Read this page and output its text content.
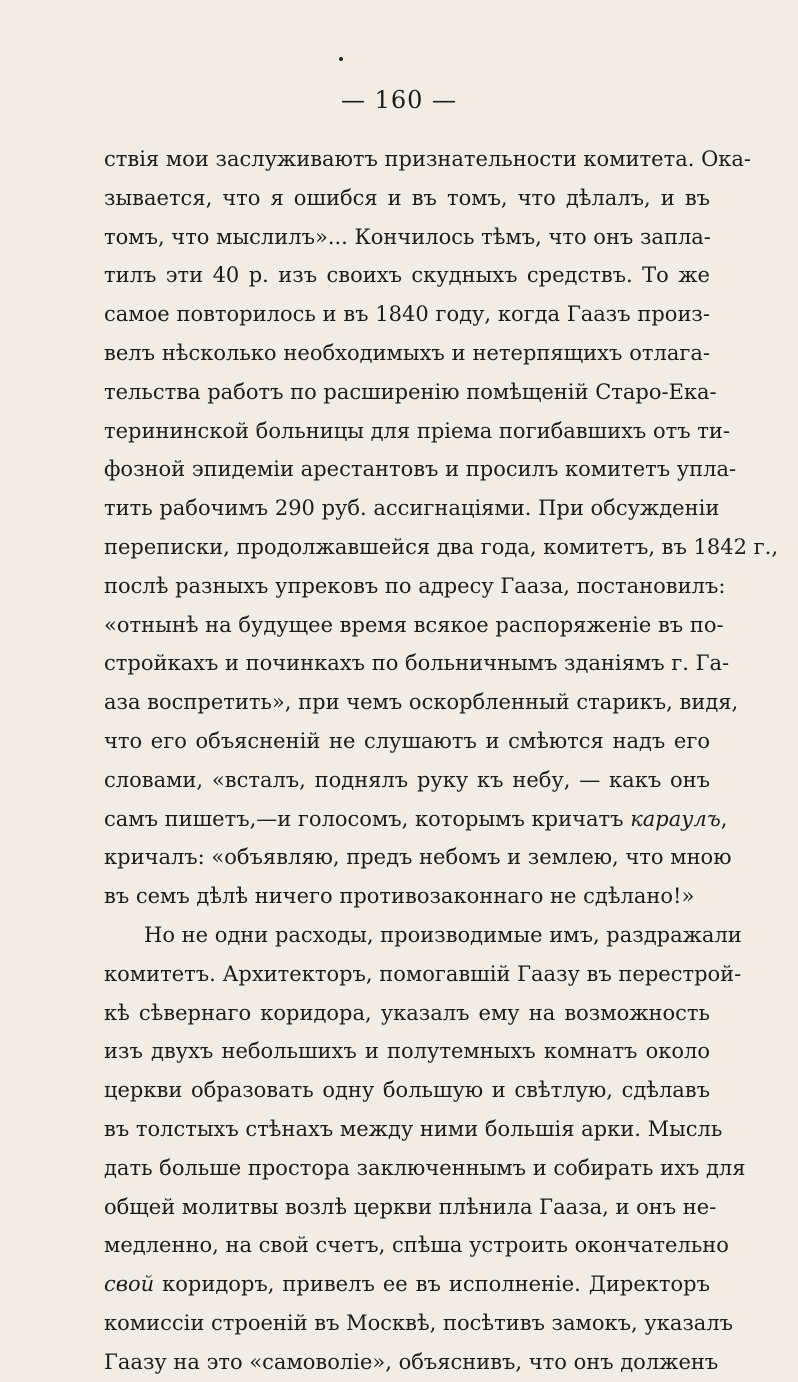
— 160 —
ствія мои заслуживаютъ признательности комитета. Ока-
зывается, что я ошибся и въ томъ, что дѣлалъ, и въ
томъ, что мыслилъ»... Кончилось тѣмъ, что онъ запла-
тилъ эти 40 р. изъ своихъ скудныхъ средствъ. То же
самое повторилось и въ 1840 году, когда Гаазъ произ-
велъ нѣсколько необходимыхъ и нетерпящихъ отлага-
тельства работъ по расширенію помѣщеній Старо-Ека-
терининской больницы для пріема погибавшихъ отъ ти-
фозной эпидеміи арестантовъ и просилъ комитетъ упла-
тить рабочимъ 290 руб. ассигнаціями. При обсужденіи
переписки, продолжавшейся два года, комитетъ, въ 1842 г.,
послѣ разныхъ упрековъ по адресу Гааза, постановилъ:
«отнынѣ на будущее время всякое распоряженіе въ по-
стройкахъ и починкахъ по больничнымъ зданіямъ г. Га-
аза воспретить», при чемъ оскорбленный старикъ, видя,
что его объясненій не слушаютъ и смѣются надъ его
словами, «всталъ, поднялъ руку къ небу, — какъ онъ
самъ пишетъ,—и голосомъ, которымъ кричатъ караулъ,
кричалъ: «объявляю, предъ небомъ и землею, что мною
въ семъ дѣлѣ ничего противозаконнаго не сдѣлано!»
Но не одни расходы, производимые имъ, раздражали
комитетъ. Архитекторъ, помогавшій Гаазу въ перестрой-
кѣ сѣвернаго коридора, указалъ ему на возможность
изъ двухъ небольшихъ и полутемныхъ комнатъ около
церкви образовать одну большую и свѣтлую, сдѣлавъ
въ толстыхъ стѣнахъ между ними большія арки. Мысль
дать больше простора заключеннымъ и собирать ихъ для
общей молитвы возлѣ церкви плѣнила Гааза, и онъ не-
медленно, на свой счетъ, спѣша устроить окончательно
свой коридоръ, привелъ ее въ исполненіе. Директоръ
комиссіи строеній въ Москвѣ, посѣтивъ замокъ, указалъ
Гаазу на это «самоволіе», объяснивъ, что онъ долженъ
